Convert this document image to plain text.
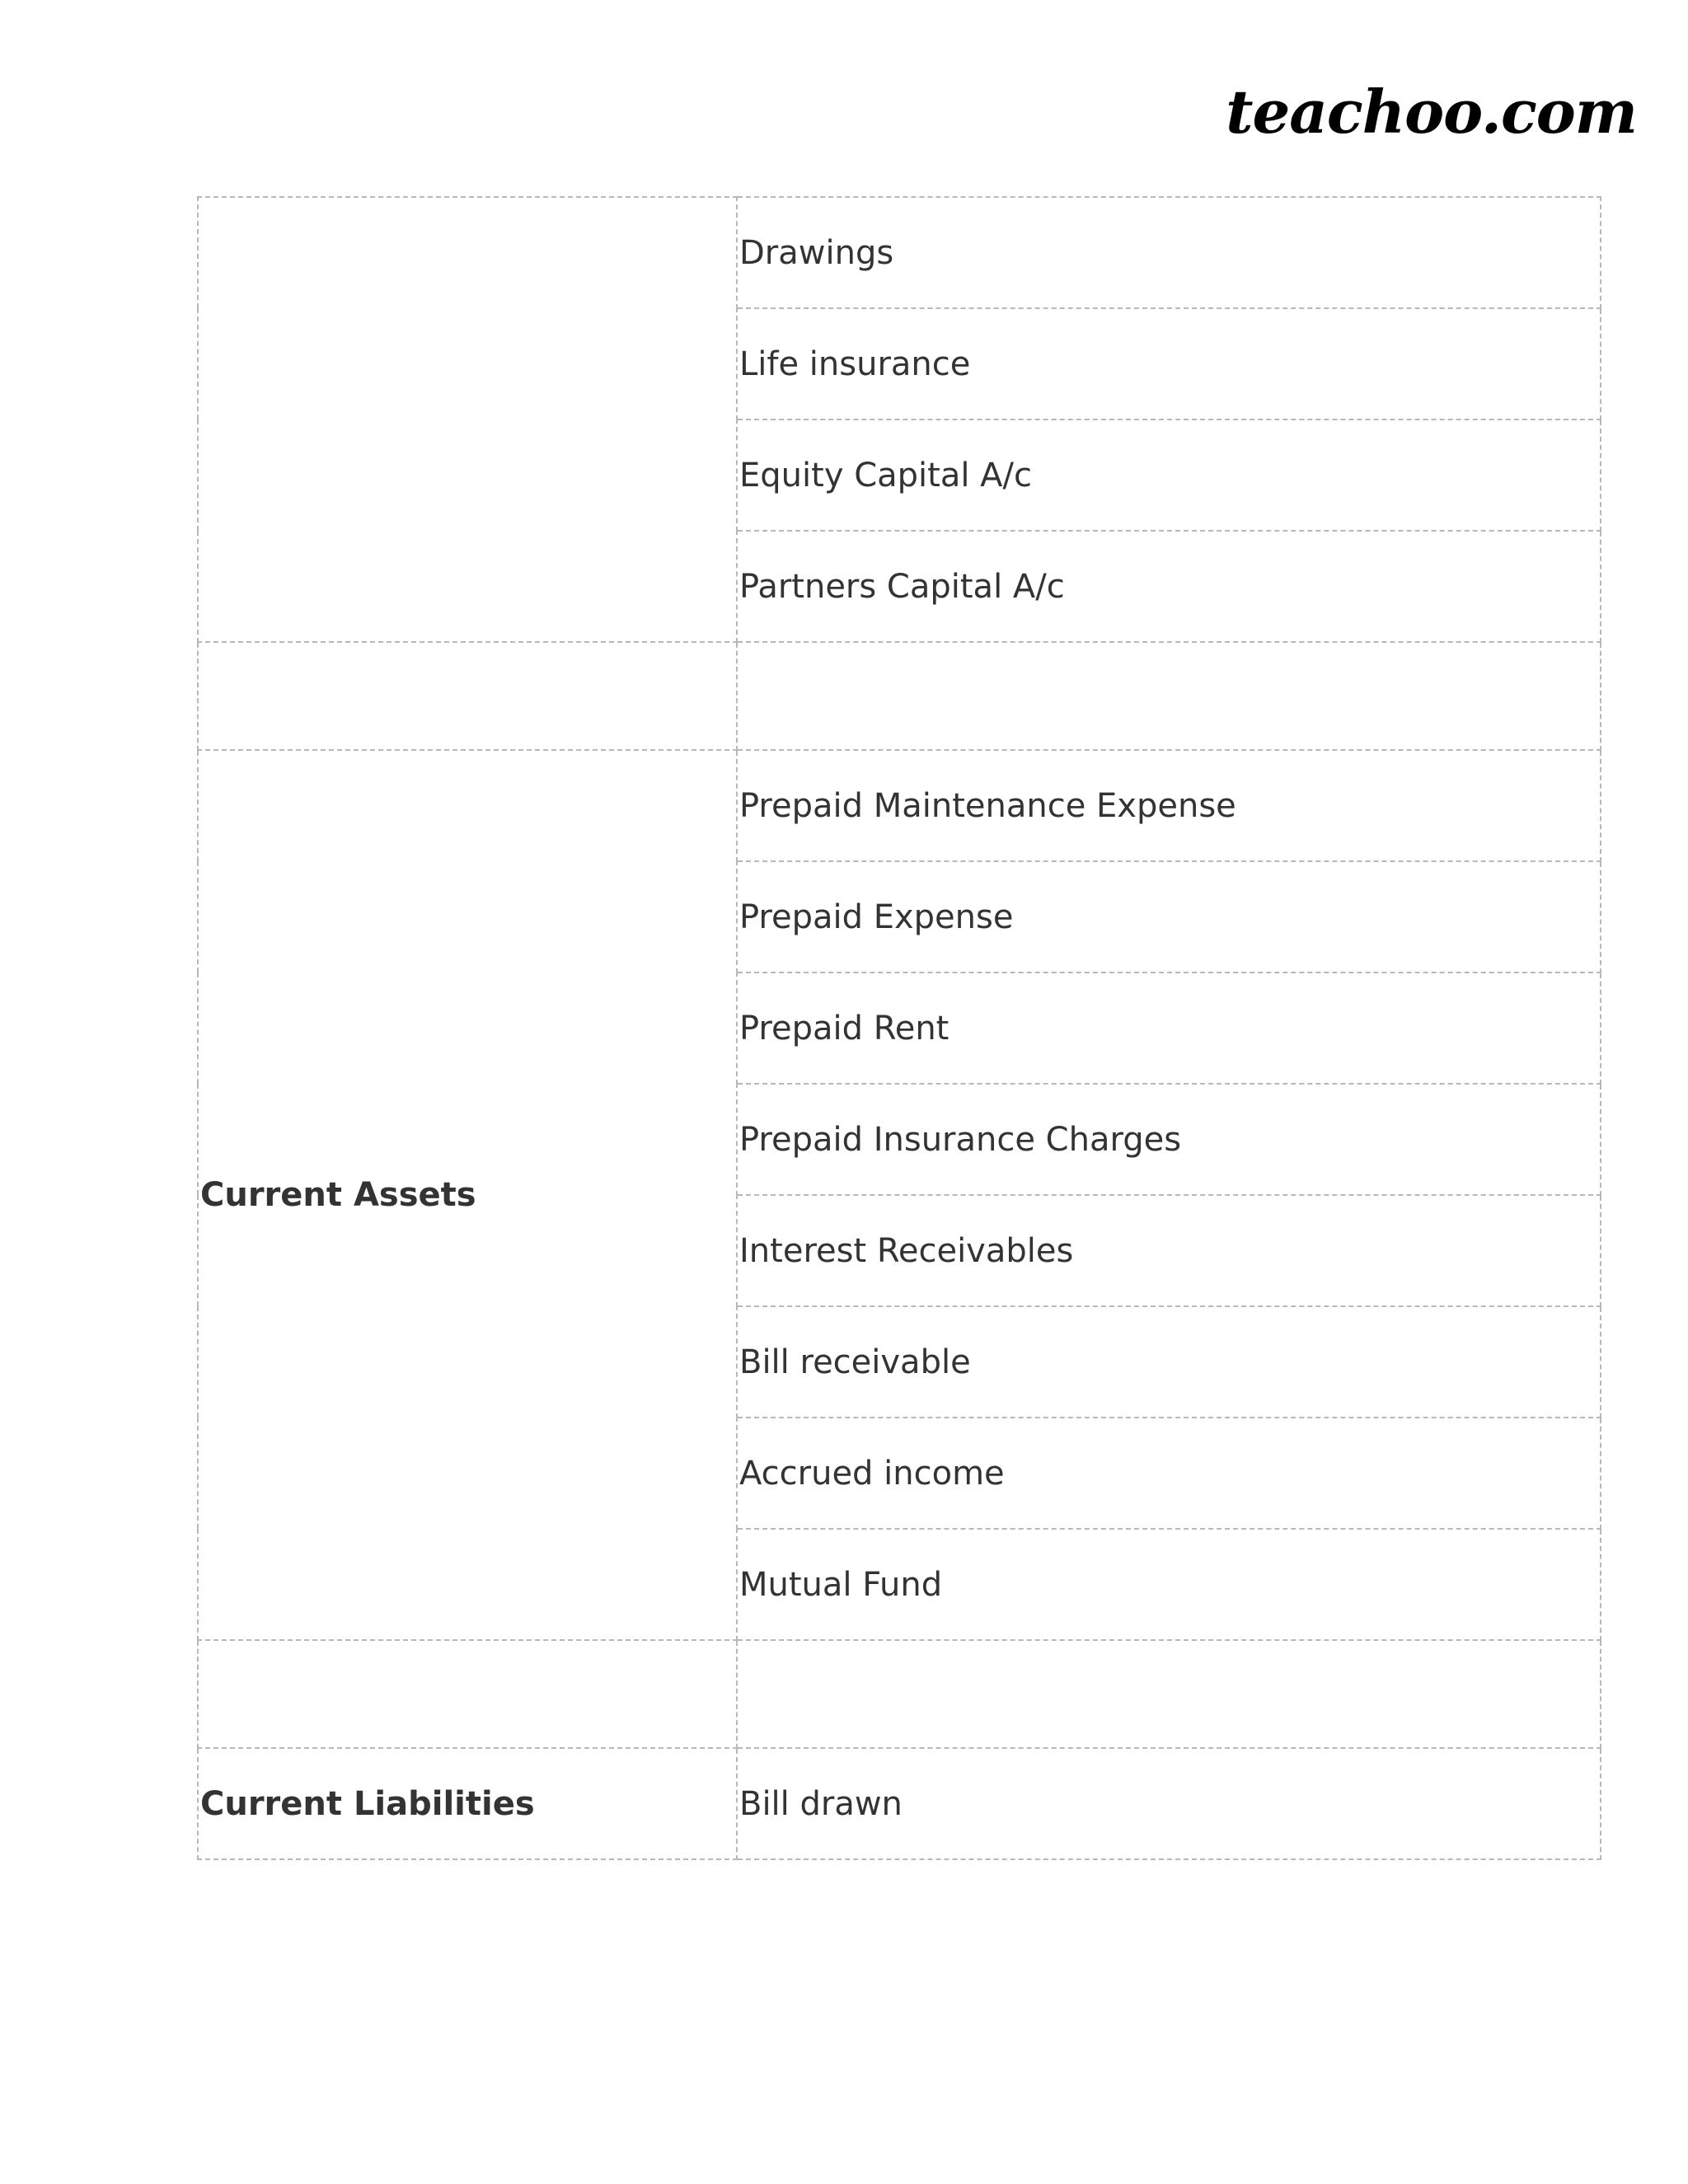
teachoo.com
	Drawings
	Life insurance
	Equity Capital A/c
	Partners Capital A/c

Current Assets	Prepaid Maintenance Expense
	Prepaid Expense
	Prepaid Rent
	Prepaid Insurance Charges
	Interest Receivables
	Bill receivable
	Accrued income
	Mutual Fund

Current Liabilities	Bill drawn
